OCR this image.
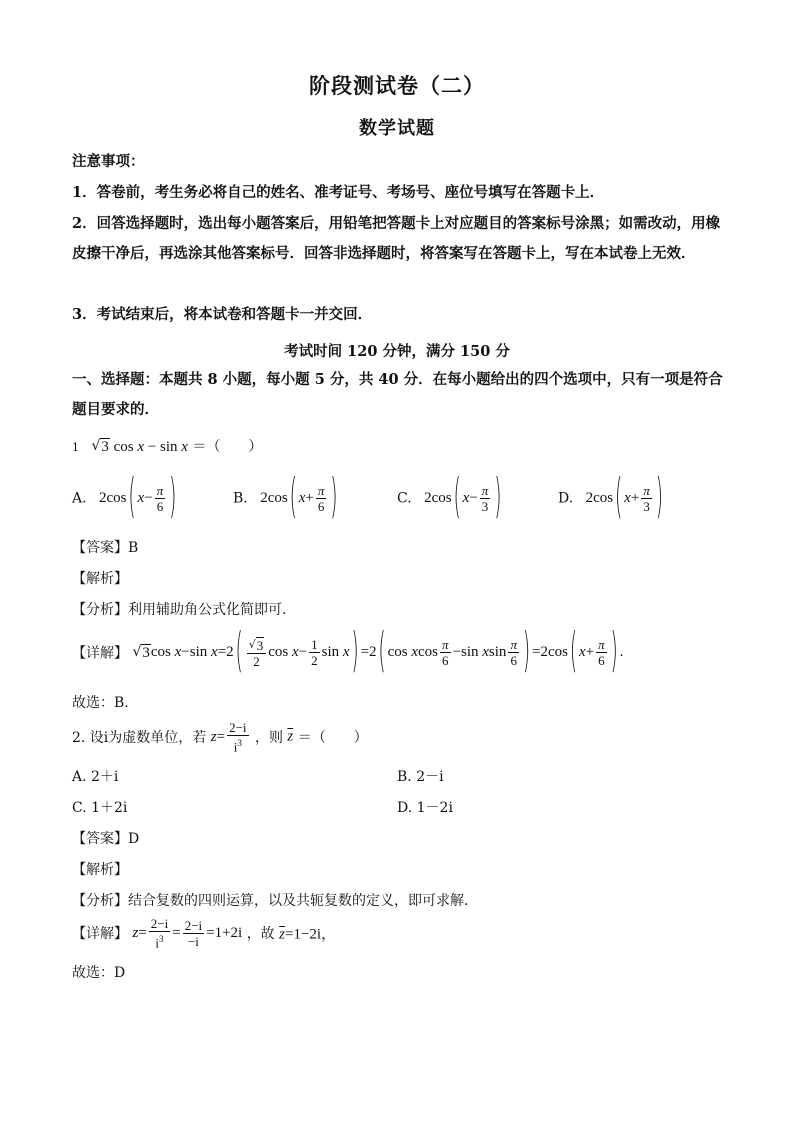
阶段测试卷（二）
数学试题
注意事项：
1．答卷前，考生务必将自己的姓名、准考证号、考场号、座位号填写在答题卡上．
2．回答选择题时，选出每小题答案后，用铅笔把答题卡上对应题目的答案标号涂黑；如需改动，用橡皮擦干净后，再选涂其他答案标号．回答非选择题时，将答案写在答题卡上，写在本试卷上无效．
3．考试结束后，将本试卷和答题卡一并交回．
考试时间 120 分钟，满分 150 分
一、选择题：本题共 8 小题，每小题 5 分，共 40 分．在每小题给出的四个选项中，只有一项是符合题目要求的．
1 √ 3
cos x −
sin x ＝（　　）
A. 2cos ( $x - \frac{\pi}{6}$ )	B. 2cos ( $x + \frac{\pi}{6}$ )	C. 2cos ( $x - \frac{\pi}{3}$ )	D. 2cos ( $x + \frac{\pi}{3}$ )
【答案】B
【解析】
【分析】利用辅助角公式化简即可.
【详解】 √ 3 cos x − sin x =2 ( $\frac{√ 3}{2}$ $\cos x - \frac{1}{2}$ sin x ) =2 ( cos x $\cos \frac{\pi}{6} - \sin x$ $\sin \frac{\pi}{6}$ ) =2cos ( $x + \frac{\pi}{6}$ ) .
故选：B.
2. 设i为虚数单位，若 $z = \frac{2-i}{i^3}$ ，则 $\overline{z}$ ＝（　　）
A. 2＋i	B. 2－i
C. 1＋2i	D. 1－2i
【答案】D
【解析】
【分析】结合复数的四则运算，以及共轭复数的定义，即可求解．
【详解】 $z = \frac{2-i}{i^3} = \frac{2-i}{-i} =1+2i$ ，故 $\overline{z}=1-2i$，
故选：D
